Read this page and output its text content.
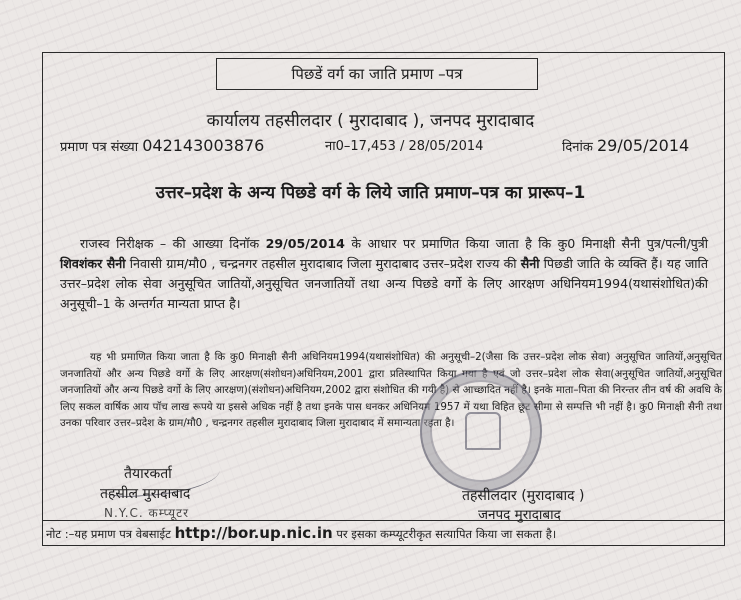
पिछडें वर्ग का जाति प्रमाण –पत्र
कार्यालय तहसीलदार ( मुरादाबाद ), जनपद मुरादाबाद
प्रमाण पत्र संख्या 042143003876	ना0–17,453 / 28/05/2014	दिनांक 29/05/2014
उत्तर–प्रदेश के अन्य पिछडे वर्ग के लिये जाति प्रमाण–पत्र का प्रारूप–1
राजस्व निरीक्षक – की आख्या दिनॉक 29/05/2014 के आधार पर प्रमाणित किया जाता है कि कु0 मिनाक्षी सैनी पुत्र/पत्नी/पुत्री शिवशंकर सैनी निवासी ग्राम/मौ0 , चन्द्रनगर तहसील मुरादाबाद जिला मुरादाबाद उत्तर–प्रदेश राज्य की सैनी पिछडी जाति के व्यक्ति हैं। यह जाति उत्तर–प्रदेश लोक सेवा अनुसूचित जातियों,अनुसूचित जनजातियों तथा अन्य पिछडे वर्गो के लिए आरक्षण अधिनियम1994(यथासंशोधित)की अनुसूची–1 के अन्तर्गत मान्यता प्राप्त है।
यह भी प्रमाणित किया जाता है कि कु0 मिनाक्षी सैनी अधिनियम1994(यथासंशोधित) की अनुसूची–2(जैसा कि उत्तर–प्रदेश लोक सेवा) अनुसूचित जातियों,अनुसूचित जनजातियों और अन्य पिछडे वर्गो के लिए आरक्षण(संशोधन)अधिनियम,2001 द्वारा प्रतिस्थापित किया गया है एवं जो उत्तर–प्रदेश लोक सेवा(अनुसूचित जातियों,अनुसूचित जनजातियों और अन्य पिछडे वर्गो के लिए आरक्षण)(संशोधन)अधिनियम,2002 द्वारा संशोधित की गयी है) से आच्छादित नहीं है। इनके माता–पिता की निरन्तर तीन वर्ष की अवधि के लिए सकल वार्षिक आय पॉच लाख रूपये या इससे अधिक नहीं है तथा इनके पास धनकर अधिनियम 1957 में यथा विहित छूट सीमा से सम्पत्ति भी नहीं है। कु0 मिनाक्षी सैनी तथा उनका परिवार उत्तर–प्रदेश के ग्राम/मौ0 , चन्द्रनगर तहसील मुरादाबाद जिला मुरादाबाद में समान्यता रहता है।
तैयारकर्ता
तहसील मुरादाबाद
N.Y.C. कम्प्यूटर
तहसीलदार (मुरादाबाद )
जनपद मुरादाबाद
नोट :–यह प्रमाण पत्र वेबसाईट http://bor.up.nic.in पर इसका कम्प्यूटरीकृत सत्यापित किया जा सकता है।
